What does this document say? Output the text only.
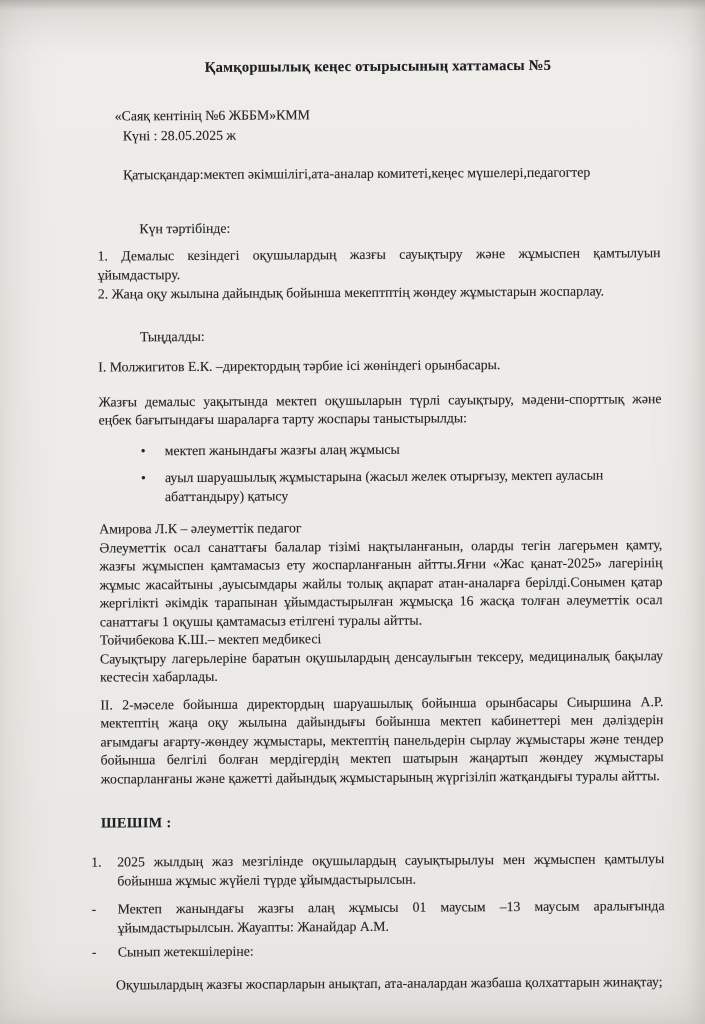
Қамқоршылық кеңес отырысының хаттамасы №5

«Саяқ кентінің №6 ЖББМ»КММ

Күні : 28.05.2025 ж

Қатысқандар:мектеп әкімшілігі,ата-аналар комитеті,кеңес мүшелері,педагогтер

Күн тәртібінде:

1. Демалыс кезіндегі оқушылардың жазғы сауықтыру және жұмыспен қамтылуын ұйымдастыру.

2. Жаңа оқу жылына дайындық бойынша мекептптің жөндеу жұмыстарын жоспарлау.

Тыңдалды:

І. Молжигитов Е.К. –директордың тәрбие ісі жөніндегі орынбасары.

Жазғы демалыс уақытында мектеп оқушыларын түрлі сауықтыру, мәдени-спорттық және еңбек бағытындағы шараларға тарту жоспары таныстырылды:

•	мектеп жанындағы жазғы алаң жұмысы
•	ауыл шаруашылық жұмыстарына (жасыл желек отырғызу, мектеп ауласын абаттандыру) қатысу

Амирова Л.К – әлеуметтік педагог

Әлеуметтік осал санаттағы балалар тізімі нақтыланғанын, оларды тегін лагерьмен қамту, жазғы жұмыспен қамтамасыз ету жоспарланғанын айтты.Яғни «Жас қанат-2025» лагерінің жұмыс жасайтыны ,ауысымдары жайлы толық ақпарат атан-аналарға берілді.Сонымен қатар жергілікті әкімдік тарапынан ұйымдастырылған жұмысқа 16 жасқа толған әлеуметтік осал санаттағы 1 оқушы қамтамасыз етілгені туралы айтты.

Тойчибекова К.Ш.– мектеп медбикесі

Сауықтыру лагерьлеріне баратын оқушылардың денсаулығын тексеру, медициналық бақылау кестесін хабарлады.

ІІ. 2-мәселе бойынша директордың шаруашылық бойынша орынбасары Сиыршина А.Р. мектептің жаңа оқу жылына дайындығы бойынша мектеп кабинеттері мен дәліздерін ағымдағы ағарту-жөндеу жұмыстары, мектептің панельдерін сырлау жұмыстары және тендер бойынша белгілі болған мердігердің мектеп шатырын жаңартып жөндеу жұмыстары жоспарланғаны және қажетті дайындық жұмыстарының жүргізіліп жатқандығы туралы айтты.

ШЕШІМ :
1.	2025 жылдың жаз мезгілінде оқушылардың сауықтырылуы мен жұмыспен қамтылуы бойынша жұмыс жүйелі түрде ұйымдастырылсын.
-	Мектеп жанындағы жазғы алаң жұмысы 01 маусым –13 маусым аралығында ұйымдастырылсын. Жауапты: Жанайдар А.М.
-	Сынып жетекшілеріне:

Оқушылардың жазғы жоспарларын анықтап, ата-аналардан жазбаша қолхаттарын жинақтау;
